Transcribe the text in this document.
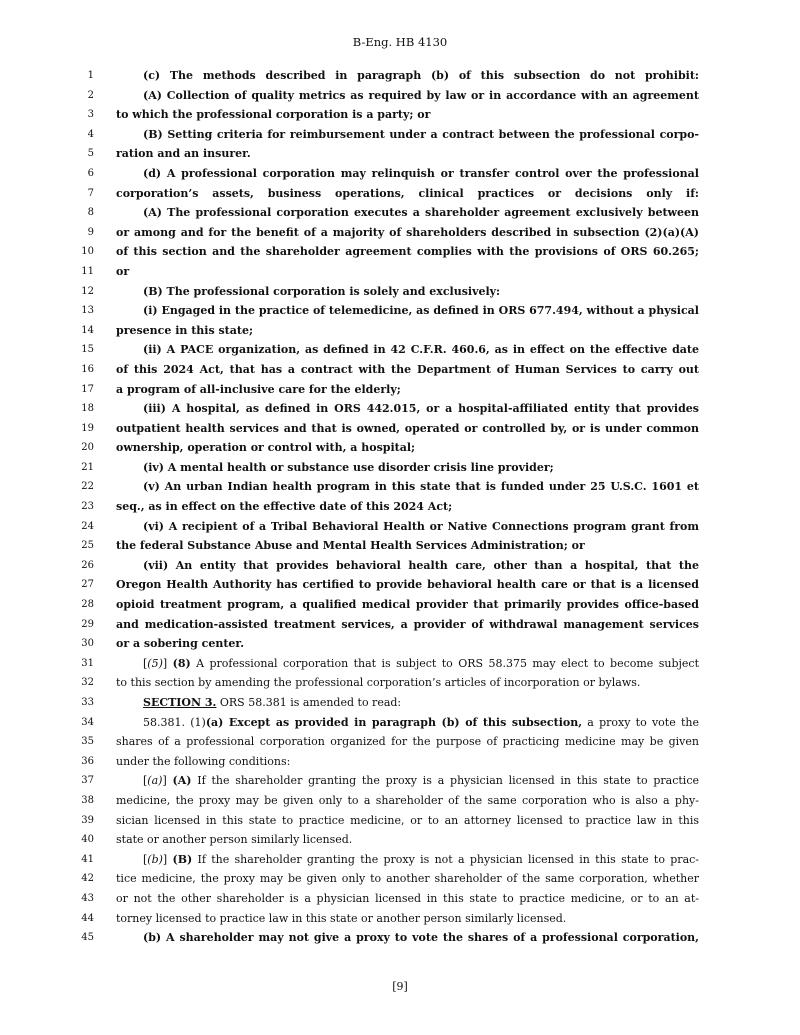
B-Eng. HB 4130
1	(c) The methods described in paragraph (b) of this subsection do not prohibit:
2	(A) Collection of quality metrics as required by law or in accordance with an agreement
3 to which the professional corporation is a party; or
4	(B) Setting criteria for reimbursement under a contract between the professional corpo-
5 ration and an insurer.
6	(d) A professional corporation may relinquish or transfer control over the professional
7 corporation’s assets, business operations, clinical practices or decisions only if:
8	(A) The professional corporation executes a shareholder agreement exclusively between
9 or among and for the benefit of a majority of shareholders described in subsection (2)(a)(A)
10 of this section and the shareholder agreement complies with the provisions of ORS 60.265;
11 or
12	(B) The professional corporation is solely and exclusively:
13	(i) Engaged in the practice of telemedicine, as defined in ORS 677.494, without a physical
14 presence in this state;
15	(ii) A PACE organization, as defined in 42 C.F.R. 460.6, as in effect on the effective date
16 of this 2024 Act, that has a contract with the Department of Human Services to carry out
17 a program of all-inclusive care for the elderly;
18	(iii) A hospital, as defined in ORS 442.015, or a hospital-affiliated entity that provides
19 outpatient health services and that is owned, operated or controlled by, or is under common
20 ownership, operation or control with, a hospital;
21	(iv) A mental health or substance use disorder crisis line provider;
22	(v) An urban Indian health program in this state that is funded under 25 U.S.C. 1601 et
23 seq., as in effect on the effective date of this 2024 Act;
24	(vi) A recipient of a Tribal Behavioral Health or Native Connections program grant from
25 the federal Substance Abuse and Mental Health Services Administration; or
26	(vii) An entity that provides behavioral health care, other than a hospital, that the
27 Oregon Health Authority has certified to provide behavioral health care or that is a licensed
28 opioid treatment program, a qualified medical provider that primarily provides office-based
29 and medication-assisted treatment services, a provider of withdrawal management services
30 or a sobering center.
31	[(5)] (8) A professional corporation that is subject to ORS 58.375 may elect to become subject
32 to this section by amending the professional corporation’s articles of incorporation or bylaws.
33	SECTION 3. ORS 58.381 is amended to read:
34	58.381. (1)(a) Except as provided in paragraph (b) of this subsection, a proxy to vote the
35 shares of a professional corporation organized for the purpose of practicing medicine may be given
36 under the following conditions:
37	[(a)] (A) If the shareholder granting the proxy is a physician licensed in this state to practice
38 medicine, the proxy may be given only to a shareholder of the same corporation who is also a phy-
39 sician licensed in this state to practice medicine, or to an attorney licensed to practice law in this
40 state or another person similarly licensed.
41	[(b)] (B) If the shareholder granting the proxy is not a physician licensed in this state to prac-
42 tice medicine, the proxy may be given only to another shareholder of the same corporation, whether
43 or not the other shareholder is a physician licensed in this state to practice medicine, or to an at-
44 torney licensed to practice law in this state or another person similarly licensed.
45	(b) A shareholder may not give a proxy to vote the shares of a professional corporation,
[9]
